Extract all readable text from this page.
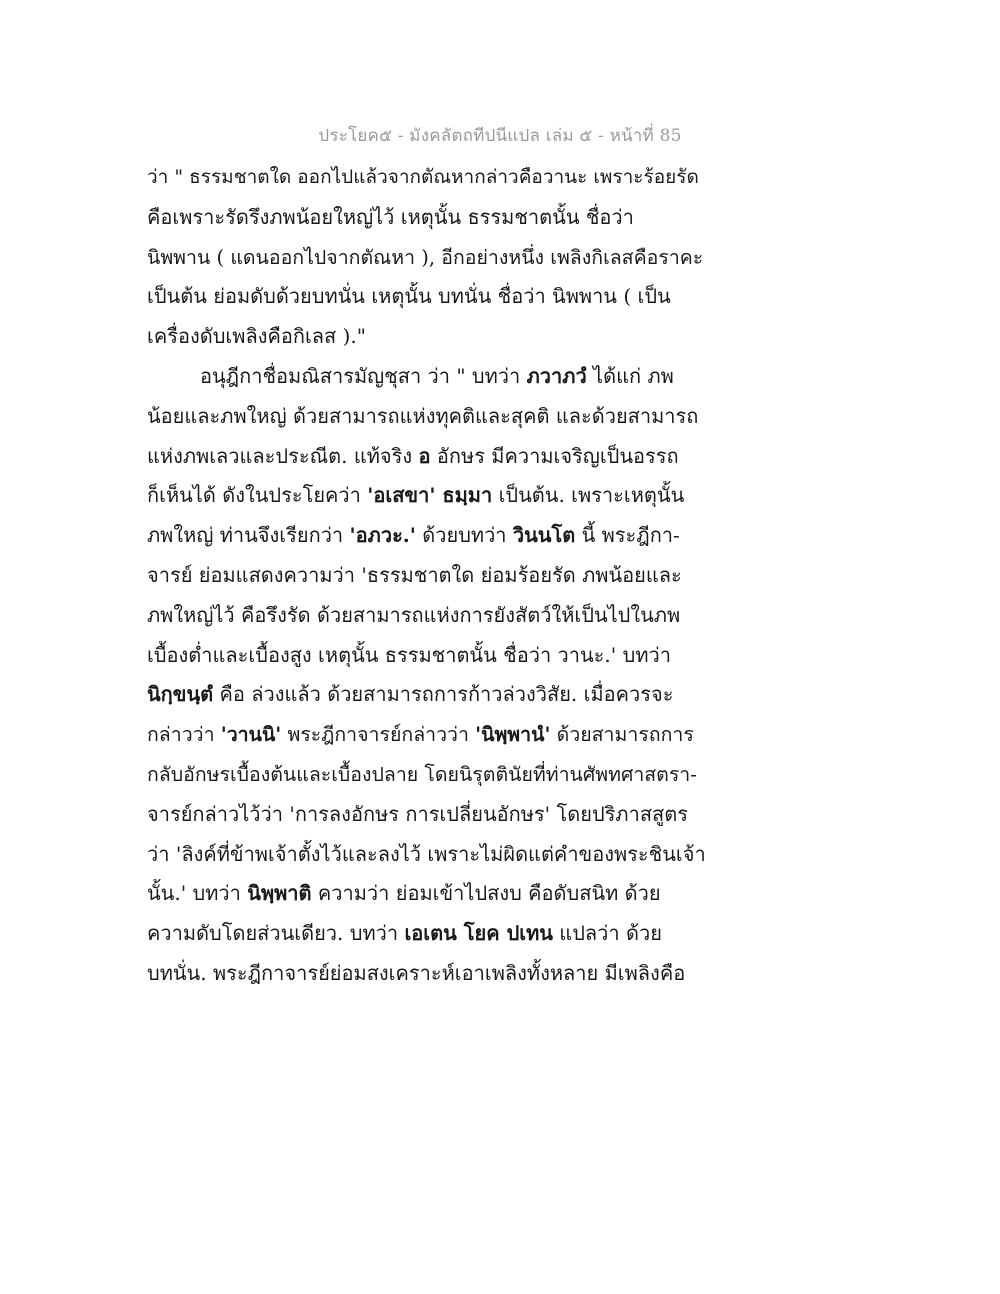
ประโยค๕ - มังคลัตถทีปนีแปล เล่ม ๕ - หน้าที่ 85
ว่า " ธรรมชาตใด ออกไปแล้วจากตัณหากล่าวคือวานะ เพราะร้อยรัด
คือเพราะรัดรึงภพน้อยใหญ่ไว้ เหตุนั้น ธรรมชาตนั้น ชื่อว่า
นิพพาน ( แดนออกไปจากตัณหา ), อีกอย่างหนึ่ง เพลิงกิเลสคือราคะ
เป็นต้น ย่อมดับด้วยบทนั่น เหตุนั้น บทนั่น ชื่อว่า นิพพาน ( เป็น
เครื่องดับเพลิงคือกิเลส )."
อนุฎีกาชื่อมณิสารมัญชุสา ว่า " บทว่า ภวาภวํ ได้แก่ ภพ
น้อยและภพใหญ่ ด้วยสามารถแห่งทุคติและสุคติ และด้วยสามารถ
แห่งภพเลวและประณีต. แท้จริง อ อักษร มีความเจริญเป็นอรรถ
ก็เห็นได้ ดังในประโยคว่า 'อเสขา' ธมฺมา เป็นต้น. เพราะเหตุนั้น
ภพใหญ่ ท่านจึงเรียกว่า 'อภวะ.' ด้วยบทว่า วินนโต นี้ พระฎีกา-
จารย์ ย่อมแสดงความว่า 'ธรรมชาตใด ย่อมร้อยรัด ภพน้อยและ
ภพใหญ่ไว้ คือรึงรัด ด้วยสามารถแห่งการยังสัตว์ให้เป็นไปในภพ
เบื้องต่ำและเบื้องสูง เหตุนั้น ธรรมชาตนั้น ชื่อว่า วานะ.' บทว่า
นิกฺขนฺตํ คือ ล่วงแล้ว ด้วยสามารถการก้าวล่วงวิสัย. เมื่อควรจะ
กล่าวว่า 'วานนิ' พระฎีกาจารย์กล่าวว่า 'นิพฺพานํ' ด้วยสามารถการ
กลับอักษรเบื้องต้นและเบื้องปลาย โดยนิรุตตินัยที่ท่านศัพทศาสตรา-
จารย์กล่าวไว้ว่า 'การลงอักษร การเปลี่ยนอักษร' โดยปริภาสสูตร
ว่า 'ลิงค์ที่ข้าพเจ้าตั้งไว้และลงไว้ เพราะไม่ผิดแต่คำของพระชินเจ้า
นั้น.' บทว่า นิพฺพาติ ความว่า ย่อมเข้าไปสงบ คือดับสนิท ด้วย
ความดับโดยส่วนเดียว. บทว่า เอเตน โยค ปเทน แปลว่า ด้วย
บทนั่น. พระฎีกาจารย์ย่อมสงเคราะห์เอาเพลิงทั้งหลาย มีเพลิงคือ
